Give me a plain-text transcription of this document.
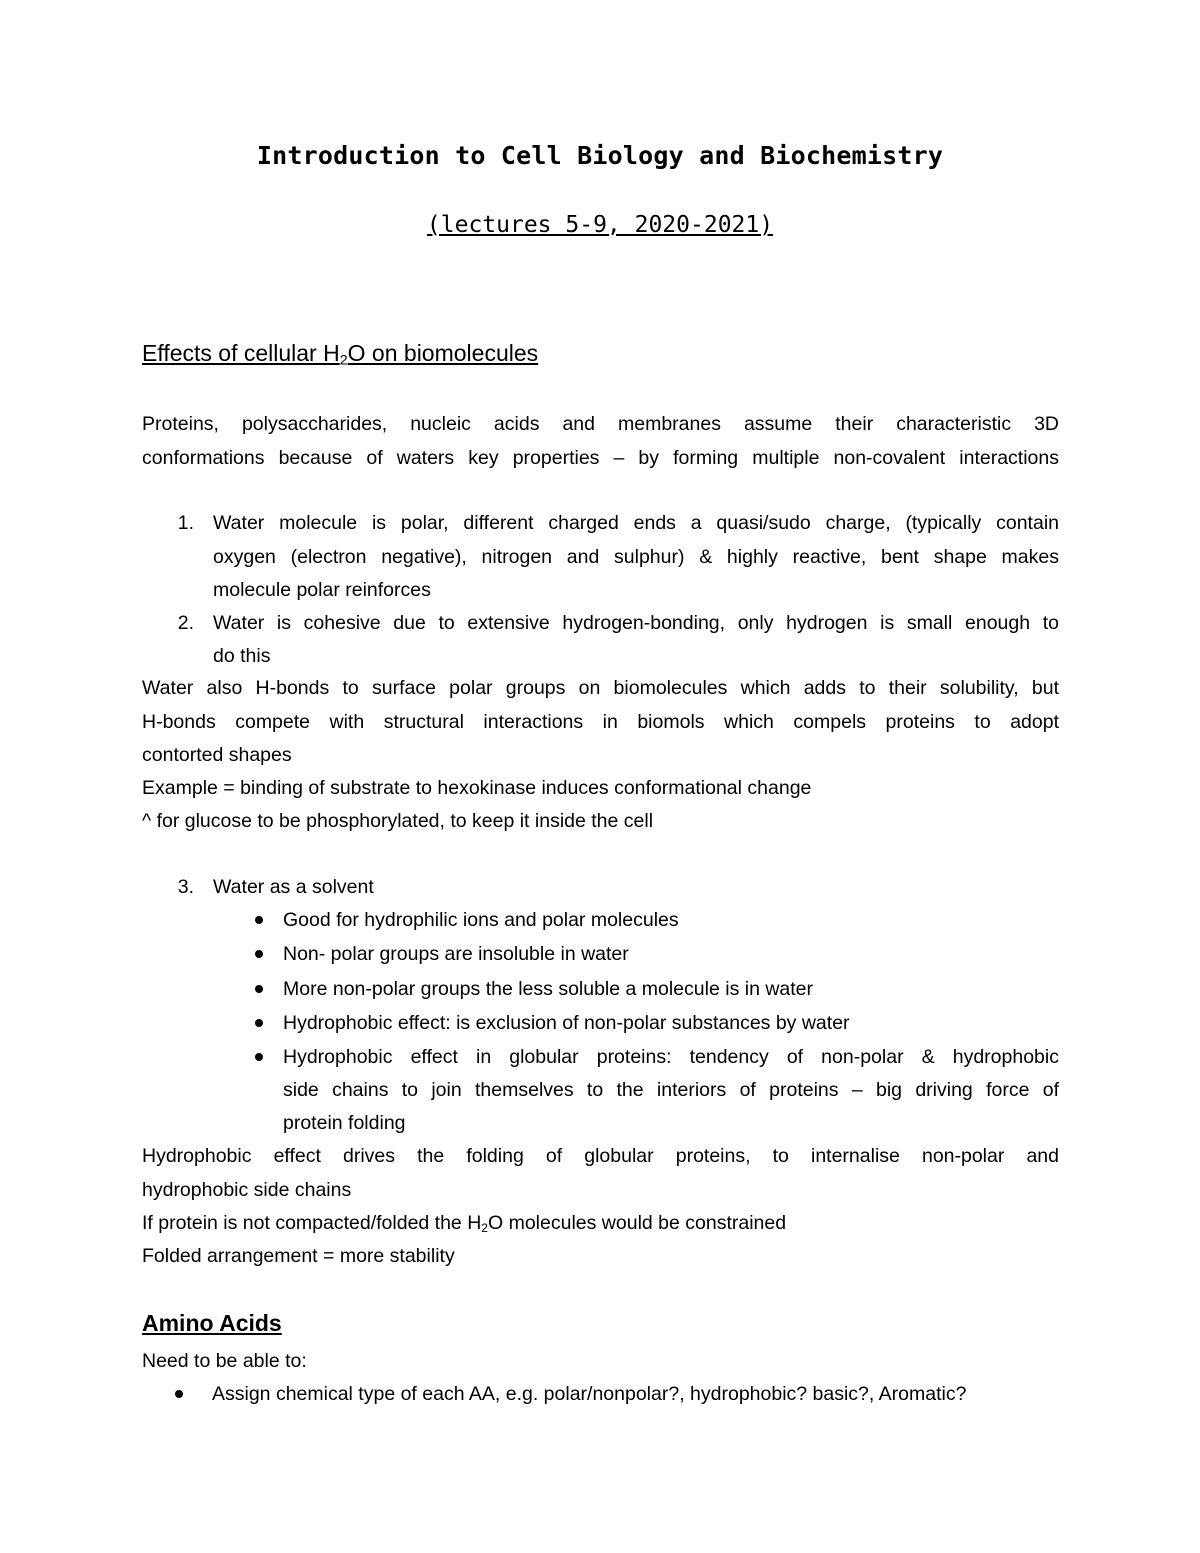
Introduction to Cell Biology and Biochemistry
(lectures 5-9, 2020-2021)
Effects of cellular $H_2O$ on biomolecules
Proteins, polysaccharides, nucleic acids and membranes assume their characteristic 3D
conformations because of waters key properties – by forming multiple non-covalent interactions
1. Water molecule is polar, different charged ends a quasi/sudo charge, (typically contain
oxygen (electron negative), nitrogen and sulphur) & highly reactive, bent shape makes
molecule polar reinforces
2. Water is cohesive due to extensive hydrogen-bonding, only hydrogen is small enough to
do this
Water also H-bonds to surface polar groups on biomolecules which adds to their solubility, but
H-bonds compete with structural interactions in biomols which compels proteins to adopt
contorted shapes
Example = binding of substrate to hexokinase induces conformational change
^ for glucose to be phosphorylated, to keep it inside the cell
3. Water as a solvent
Good for hydrophilic ions and polar molecules
Non- polar groups are insoluble in water
More non-polar groups the less soluble a molecule is in water
Hydrophobic effect: is exclusion of non-polar substances by water
Hydrophobic effect in globular proteins: tendency of non-polar & hydrophobic
side chains to join themselves to the interiors of proteins – big driving force of
protein folding
Hydrophobic effect drives the folding of globular proteins, to internalise non-polar and
hydrophobic side chains
If protein is not compacted/folded the $H_2O$ molecules would be constrained
Folded arrangement = more stability
Amino Acids
Need to be able to:
Assign chemical type of each AA, e.g. polar/nonpolar?, hydrophobic? basic?, Aromatic?
